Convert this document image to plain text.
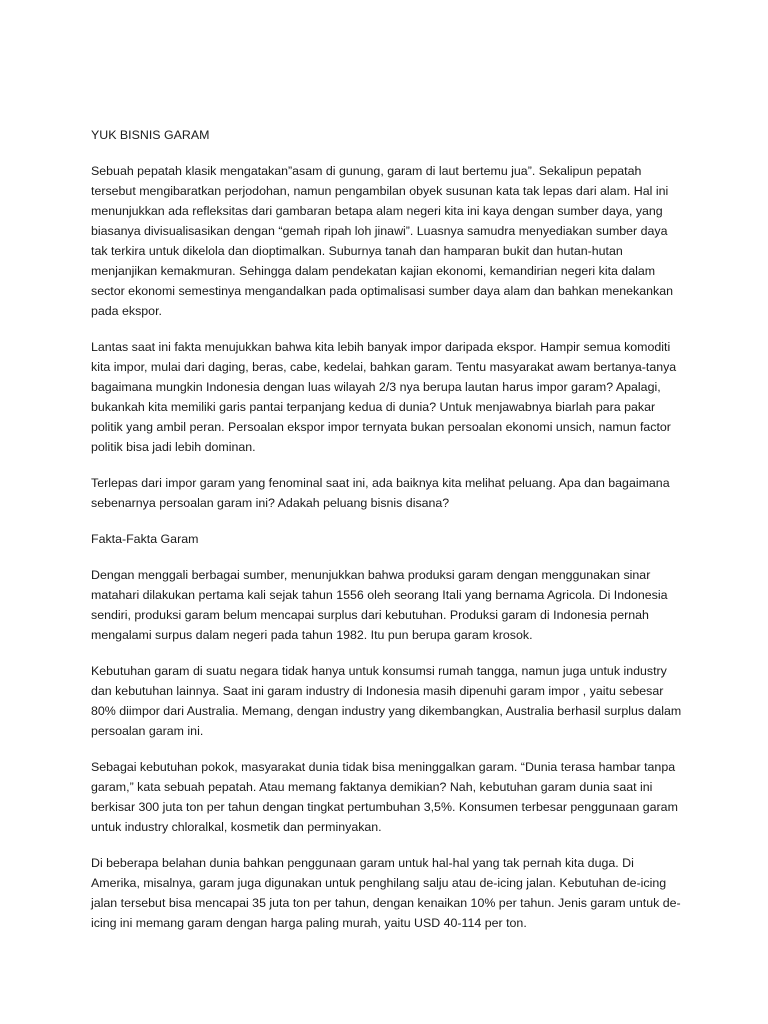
YUK BISNIS GARAM

Sebuah pepatah klasik mengatakan”asam di gunung, garam di laut bertemu jua”. Sekalipun pepatah tersebut mengibaratkan perjodohan, namun pengambilan obyek susunan kata tak lepas dari alam. Hal ini menunjukkan ada refleksitas dari gambaran betapa alam negeri kita ini kaya dengan sumber daya, yang biasanya divisualisasikan dengan “gemah ripah loh jinawi”. Luasnya samudra menyediakan sumber daya tak terkira untuk dikelola dan dioptimalkan. Suburnya tanah dan hamparan bukit dan hutan-hutan menjanjikan kemakmuran. Sehingga dalam pendekatan kajian ekonomi, kemandirian negeri kita dalam sector ekonomi semestinya mengandalkan pada optimalisasi sumber daya alam dan bahkan menekankan pada ekspor.

Lantas saat ini fakta menujukkan bahwa kita lebih banyak impor daripada ekspor. Hampir semua komoditi kita impor, mulai dari daging, beras, cabe, kedelai, bahkan garam. Tentu masyarakat awam bertanya-tanya bagaimana mungkin Indonesia dengan luas wilayah 2/3 nya berupa lautan harus impor garam? Apalagi, bukankah kita memiliki garis pantai terpanjang kedua di dunia? Untuk menjawabnya biarlah para pakar politik yang ambil peran. Persoalan ekspor impor ternyata bukan persoalan ekonomi unsich, namun factor politik bisa jadi lebih dominan.

Terlepas dari impor garam yang fenominal saat ini, ada baiknya kita melihat peluang. Apa dan bagaimana sebenarnya persoalan garam ini? Adakah peluang bisnis disana?

Fakta-Fakta Garam

Dengan menggali berbagai sumber, menunjukkan bahwa produksi garam dengan menggunakan sinar matahari dilakukan pertama kali sejak tahun 1556 oleh seorang Itali yang bernama Agricola. Di Indonesia sendiri, produksi garam belum mencapai surplus dari kebutuhan. Produksi garam di Indonesia pernah mengalami surpus dalam negeri pada tahun 1982. Itu pun berupa garam krosok.

Kebutuhan garam di suatu negara tidak hanya untuk konsumsi rumah tangga, namun juga untuk industry dan kebutuhan lainnya. Saat ini garam industry di Indonesia masih dipenuhi garam impor , yaitu sebesar 80% diimpor dari Australia. Memang, dengan industry yang dikembangkan, Australia berhasil surplus dalam persoalan garam ini.

Sebagai kebutuhan pokok, masyarakat dunia tidak bisa meninggalkan garam. “Dunia terasa hambar tanpa garam,” kata sebuah pepatah. Atau memang faktanya demikian? Nah, kebutuhan garam dunia saat ini berkisar 300 juta ton per tahun dengan tingkat pertumbuhan 3,5%. Konsumen terbesar penggunaan garam untuk industry chloralkal, kosmetik dan perminyakan.

Di beberapa belahan dunia bahkan penggunaan garam untuk hal-hal yang tak pernah kita duga. Di Amerika, misalnya, garam juga digunakan untuk penghilang salju atau de-icing jalan. Kebutuhan de-icing jalan tersebut bisa mencapai 35 juta ton per tahun, dengan kenaikan 10% per tahun. Jenis garam untuk de-icing ini memang garam dengan harga paling murah, yaitu USD 40-114 per ton.
